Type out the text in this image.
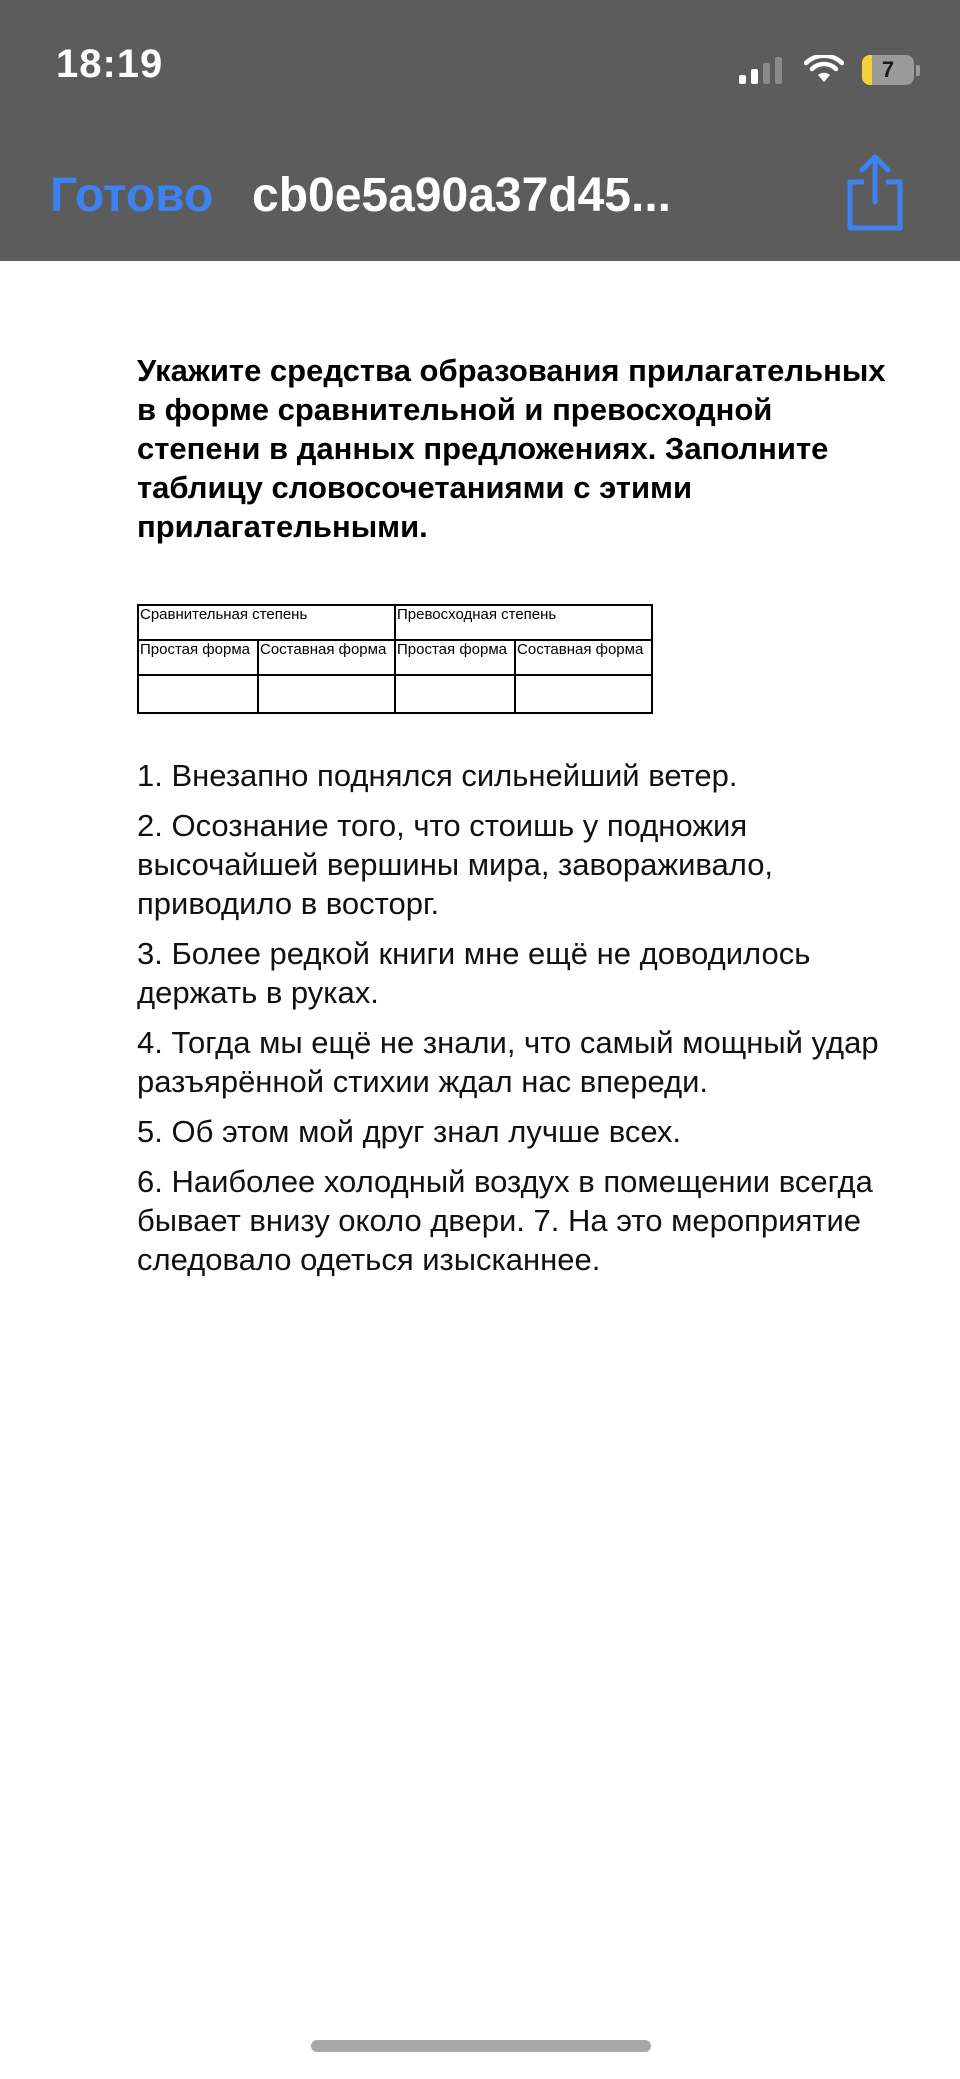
18:19	7
Готово cb0e5a90a37d45...

Укажите средства образования прилагательных в форме сравнительной и превосходной степени в данных предложениях. Заполните таблицу словосочетаниями с этими прилагательными.

Сравнительная степень		Превосходная степень	
Простая форма	Составная форма	Простая форма	Составная форма

1. Внезапно поднялся сильнейший ветер.

2. Осознание того, что стоишь у подножия высочайшей вершины мира, завораживало, приводило в восторг.

3. Более редкой книги мне ещё не доводилось держать в руках.

4. Тогда мы ещё не знали, что самый мощный удар разъярённой стихии ждал нас впереди.

5. Об этом мой друг знал лучше всех.

6. Наиболее холодный воздух в помещении всегда бывает внизу около двери. 7. На это мероприятие следовало одеться изысканнее.
